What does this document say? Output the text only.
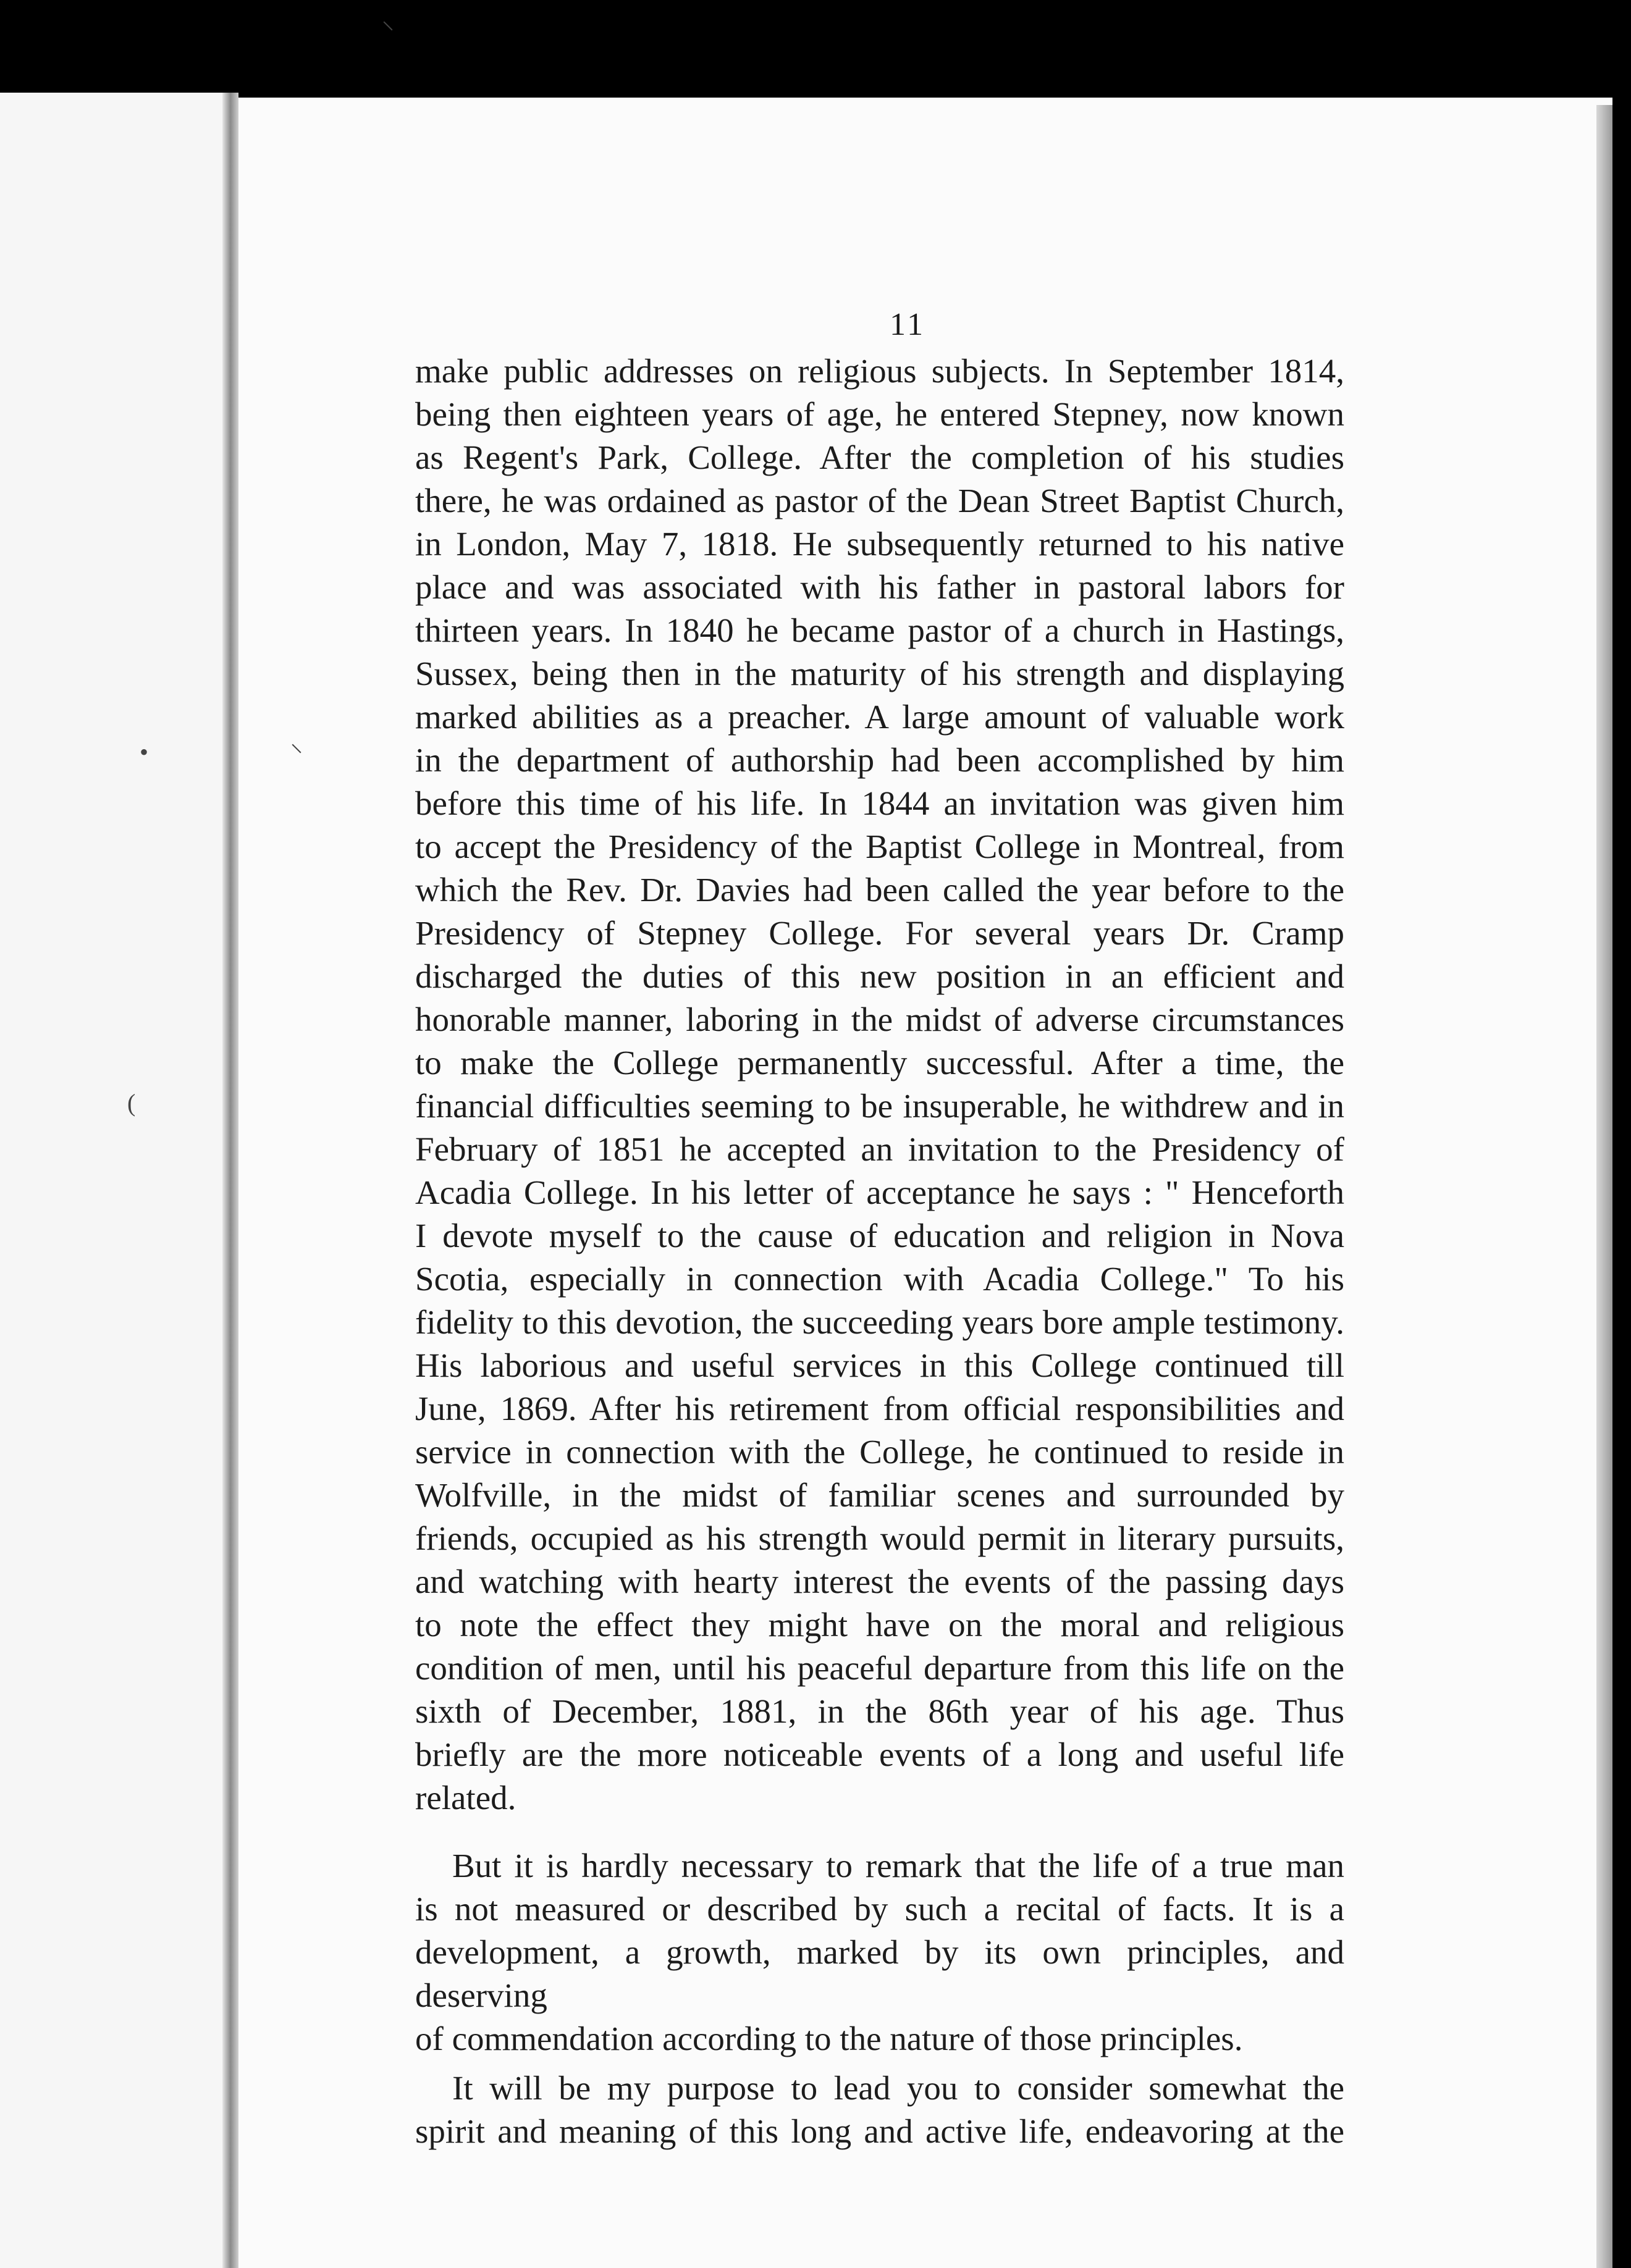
•	⸌
(
⸌
11
make public addresses on religious subjects. In September 1814,
being then eighteen years of age, he entered Stepney, now known
as Regent's Park, College. After the completion of his studies
there, he was ordained as pastor of the Dean Street Baptist Church,
in London, May 7, 1818. He subsequently returned to his native
place and was associated with his father in pastoral labors for
thirteen years. In 1840 he became pastor of a church in Hastings,
Sussex, being then in the maturity of his strength and displaying
marked abilities as a preacher. A large amount of valuable work
in the department of authorship had been accomplished by him
before this time of his life. In 1844 an invitation was given him
to accept the Presidency of the Baptist College in Montreal, from
which the Rev. Dr. Davies had been called the year before to the
Presidency of Stepney College. For several years Dr. Cramp
discharged the duties of this new position in an efficient and
honorable manner, laboring in the midst of adverse circumstances
to make the College permanently successful. After a time, the
financial difficulties seeming to be insuperable, he withdrew and in
February of 1851 he accepted an invitation to the Presidency of
Acadia College. In his letter of acceptance he says : " Henceforth
I devote myself to the cause of education and religion in Nova
Scotia, especially in connection with Acadia College." To his
fidelity to this devotion, the succeeding years bore ample testimony.
His laborious and useful services in this College continued till
June, 1869. After his retirement from official responsibilities and
service in connection with the College, he continued to reside in
Wolfville, in the midst of familiar scenes and surrounded by
friends, occupied as his strength would permit in literary pursuits,
and watching with hearty interest the events of the passing days
to note the effect they might have on the moral and religious
condition of men, until his peaceful departure from this life on the
sixth of December, 1881, in the 86th year of his age. Thus
briefly are the more noticeable events of a long and useful life
related.
But it is hardly necessary to remark that the life of a true man
is not measured or described by such a recital of facts. It is a
development, a growth, marked by its own principles, and deserving
of commendation according to the nature of those principles.
It will be my purpose to lead you to consider somewhat the
spirit and meaning of this long and active life, endeavoring at the
